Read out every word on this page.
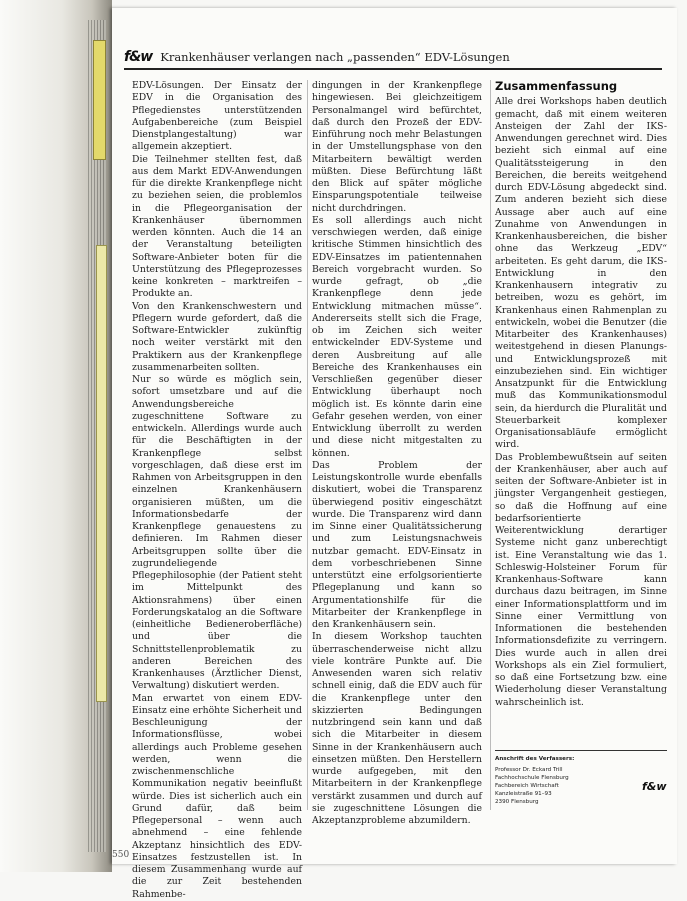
f&w Krankenhäuser verlangen nach „passenden“ EDV-Lösungen

EDV-Lösungen. Der Einsatz der EDV in die Organisation des Pflegedienstes unterstützenden Aufgabenbereiche (zum Beispiel Dienstplangestaltung) war allgemein akzeptiert.

Die Teilnehmer stellten fest, daß aus dem Markt EDV-Anwendungen für die direkte Krankenpflege nicht zu beziehen seien, die problemlos in die Pflegeorganisation der Krankenhäuser übernommen werden könnten. Auch die 14 an der Veranstaltung beteiligten Software-Anbieter boten für die Unterstützung des Pflegeprozesses keine konkreten – marktreifen – Produkte an.

Von den Krankenschwestern und Pflegern wurde gefordert, daß die Software-Entwickler zukünftig noch weiter verstärkt mit den Praktikern aus der Krankenpflege zusammenarbeiten sollten.

Nur so würde es möglich sein, sofort umsetzbare und auf die Anwendungsbereiche zugeschnittene Software zu entwickeln. Allerdings wurde auch für die Beschäftigten in der Krankenpflege selbst vorgeschlagen, daß diese erst im Rahmen von Arbeitsgruppen in den einzelnen Krankenhäusern organisieren müßten, um die Informationsbedarfe der Krankenpflege genauestens zu definieren. Im Rahmen dieser Arbeitsgruppen sollte über die zugrundeliegende Pflegephilosophie (der Patient steht im Mittelpunkt des Aktionsrahmens) über einen Forderungskatalog an die Software (einheitliche Bedieneroberfläche) und über die Schnittstellenproblematik zu anderen Bereichen des Krankenhauses (Ärztlicher Dienst, Verwaltung) diskutiert werden.

Man erwartet von einem EDV-Einsatz eine erhöhte Sicherheit und Beschleunigung der Informationsflüsse, wobei allerdings auch Probleme gesehen werden, wenn die zwischenmenschliche Kommunikation negativ beeinflußt würde. Dies ist sicherlich auch ein Grund dafür, daß beim Pflegepersonal – wenn auch abnehmend – eine fehlende Akzeptanz hinsichtlich des EDV-Einsatzes festzustellen ist. In diesem Zusammenhang wurde auf die zur Zeit bestehenden Rahmenbe-

dingungen in der Krankenpflege hingewiesen. Bei gleichzeitigem Personalmangel wird befürchtet, daß durch den Prozeß der EDV-Einführung noch mehr Belastungen in der Umstellungsphase von den Mitarbeitern bewältigt werden müßten. Diese Befürchtung läßt den Blick auf später mögliche Einsparungspotentiale teilweise nicht durchdringen.

Es soll allerdings auch nicht verschwiegen werden, daß einige kritische Stimmen hinsichtlich des EDV-Einsatzes im patientennahen Bereich vorgebracht wurden. So wurde gefragt, ob „die Krankenpflege denn jede Entwicklung mitmachen müsse“. Andererseits stellt sich die Frage, ob im Zeichen sich weiter entwickelnder EDV-Systeme und deren Ausbreitung auf alle Bereiche des Krankenhauses ein Verschließen gegenüber dieser Entwicklung überhaupt noch möglich ist. Es könnte darin eine Gefahr gesehen werden, von einer Entwicklung überrollt zu werden und diese nicht mitgestalten zu können.

Das Problem der Leistungskontrolle wurde ebenfalls diskutiert, wobei die Transparenz überwiegend positiv eingeschätzt wurde. Die Transparenz wird dann im Sinne einer Qualitätssicherung und zum Leistungsnachweis nutzbar gemacht. EDV-Einsatz in dem vorbeschriebenen Sinne unterstützt eine erfolgsorientierte Pflegeplanung und kann so Argumentationshilfe für die Mitarbeiter der Krankenpflege in den Krankenhäusern sein.

In diesem Workshop tauchten überraschenderweise nicht allzu viele konträre Punkte auf. Die Anwesenden waren sich relativ schnell einig, daß die EDV auch für die Krankenpflege unter den skizzierten Bedingungen nutzbringend sein kann und daß sich die Mitarbeiter in diesem Sinne in der Krankenhäusern auch einsetzen müßten. Den Herstellern wurde aufgegeben, mit den Mitarbeitern in der Krankenpflege verstärkt zusammen und durch auf sie zugeschnittene Lösungen die Akzeptanzprobleme abzumildern.

Zusammenfassung

Alle drei Workshops haben deutlich gemacht, daß mit einem weiteren Ansteigen der Zahl der IKS-Anwendungen gerechnet wird. Dies bezieht sich einmal auf eine Qualitätssteigerung in den Bereichen, die bereits weitgehend durch EDV-Lösung abgedeckt sind. Zum anderen bezieht sich diese Aussage aber auch auf eine Zunahme von Anwendungen in Krankenhausbereichen, die bisher ohne das Werkzeug „EDV“ arbeiteten. Es geht darum, die IKS-Entwicklung in den Krankenhausern integrativ zu betreiben, wozu es gehört, im Krankenhaus einen Rahmenplan zu entwickeln, wobei die Benutzer (die Mitarbeiter des Krankenhauses) weitestgehend in diesen Planungs- und Entwicklungsprozeß mit einzubeziehen sind. Ein wichtiger Ansatzpunkt für die Entwicklung muß das Kommunikationsmodul sein, da hierdurch die Pluralität und Steuerbarkeit komplexer Organisationsabläufe ermöglicht wird.

Das Problembewußtsein auf seiten der Krankenhäuser, aber auch auf seiten der Software-Anbieter ist in jüngster Vergangenheit gestiegen, so daß die Hoffnung auf eine bedarfsorientierte Weiterentwicklung derartiger Systeme nicht ganz unberechtigt ist. Eine Veranstaltung wie das 1. Schleswig-Holsteiner Forum für Krankenhaus-Software kann durchaus dazu beitragen, im Sinne einer Informationsplattform und im Sinne einer Vermittlung von Informationen die bestehenden Informationsdefizite zu verringern. Dies wurde auch in allen drei Workshops als ein Ziel formuliert, so daß eine Fortsetzung bzw. eine Wiederholung dieser Veranstaltung wahrscheinlich ist.

Anschrift des Verfassers:
Professor Dr. Eckard Trill
Fachhochschule Flensburg
Fachbereich Wirtschaft
Kanzleistraße 91–93
2390 Flensburg
f&w
550
